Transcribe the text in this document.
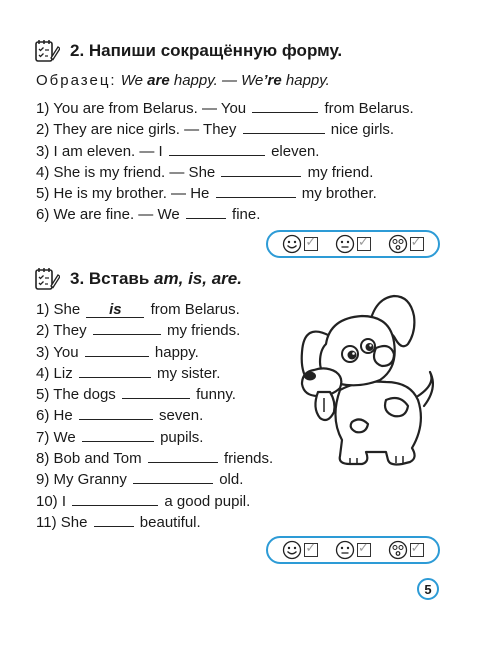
2. Напиши сокращённую форму.
Образец: We are happy. — We’re happy.
1) You are from Belarus. — You	from Belarus.
2) They are nice girls. — They	nice girls.
3) I am eleven. — I	eleven.
4) She is my friend. — She	my friend.
5) He is my brother. — He	my brother.
6) We are fine. — We	fine.
✓
✓
✓
3. Вставь am, is, are.
1) She is from Belarus.
2) They	my friends.
3) You	happy.
4) Liz	my sister.
5) The dogs	funny.
6) He	seven.
7) We	pupils.
8) Bob and Tom	friends.
9) My Granny	old.
10) I	a good pupil.
11) She	beautiful.
✓
✓
✓
5
